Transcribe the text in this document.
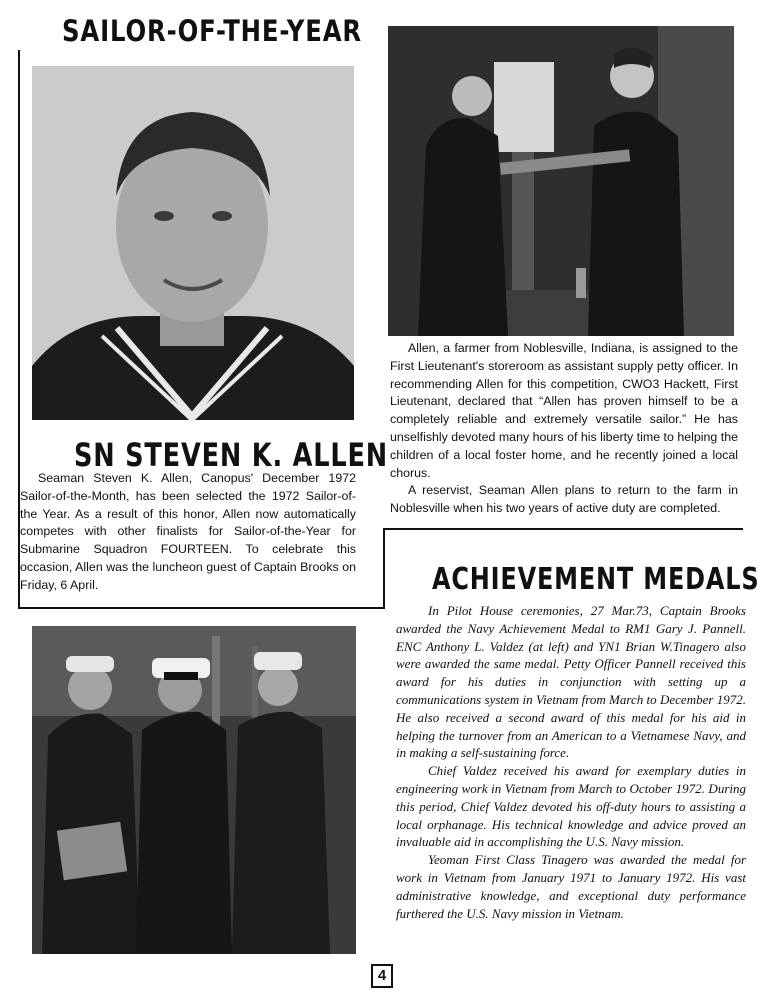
SAILOR-OF-THE-YEAR
SN STEVEN K. ALLEN
ACHIEVEMENT MEDALS

Seaman Steven K. Allen, Canopus' December 1972 Sailor-of-the-Month, has been selected the 1972 Sailor-of-the Year. As a result of this honor, Allen now automatically competes with other finalists for Sailor-of-the-Year for Submarine Squadron FOURTEEN. To celebrate this occasion, Allen was the luncheon guest of Captain Brooks on Friday, 6 April.

Allen, a farmer from Noblesville, Indiana, is assigned to the First Lieutenant's storeroom as assistant supply petty officer. In recommending Allen for this competition, CWO3 Hackett, First Lieutenant, declared that “Allen has proven himself to be a completely reliable and extremely versatile sailor.” He has unselfishly devoted many hours of his liberty time to helping the children of a local foster home, and he recently joined a local chorus.

A reservist, Seaman Allen plans to return to the farm in Noblesville when his two years of active duty are completed.

In Pilot House ceremonies, 27 Mar.73, Captain Brooks awarded the Navy Achievement Medal to RM1 Gary J. Pannell. ENC Anthony L. Valdez (at left) and YN1 Brian W.Tinagero also were awarded the same medal. Petty Officer Pannell received this award for his duties in conjunction with setting up a communications system in Vietnam from March to December 1972. He also received a second award of this medal for his aid in helping the turnover from an American to a Vietnamese Navy, and in making a self-sustaining force.

Chief Valdez received his award for exemplary duties in engineering work in Vietnam from March to October 1972. During this period, Chief Valdez devoted his off-duty hours to assisting a local orphanage. His technical knowledge and advice proved an invaluable aid in accomplishing the U.S. Navy mission.

Yeoman First Class Tinagero was awarded the medal for work in Vietnam from January 1971 to January 1972. His vast administrative knowledge, and exceptional duty performance furthered the U.S. Navy mission in Vietnam.

4
